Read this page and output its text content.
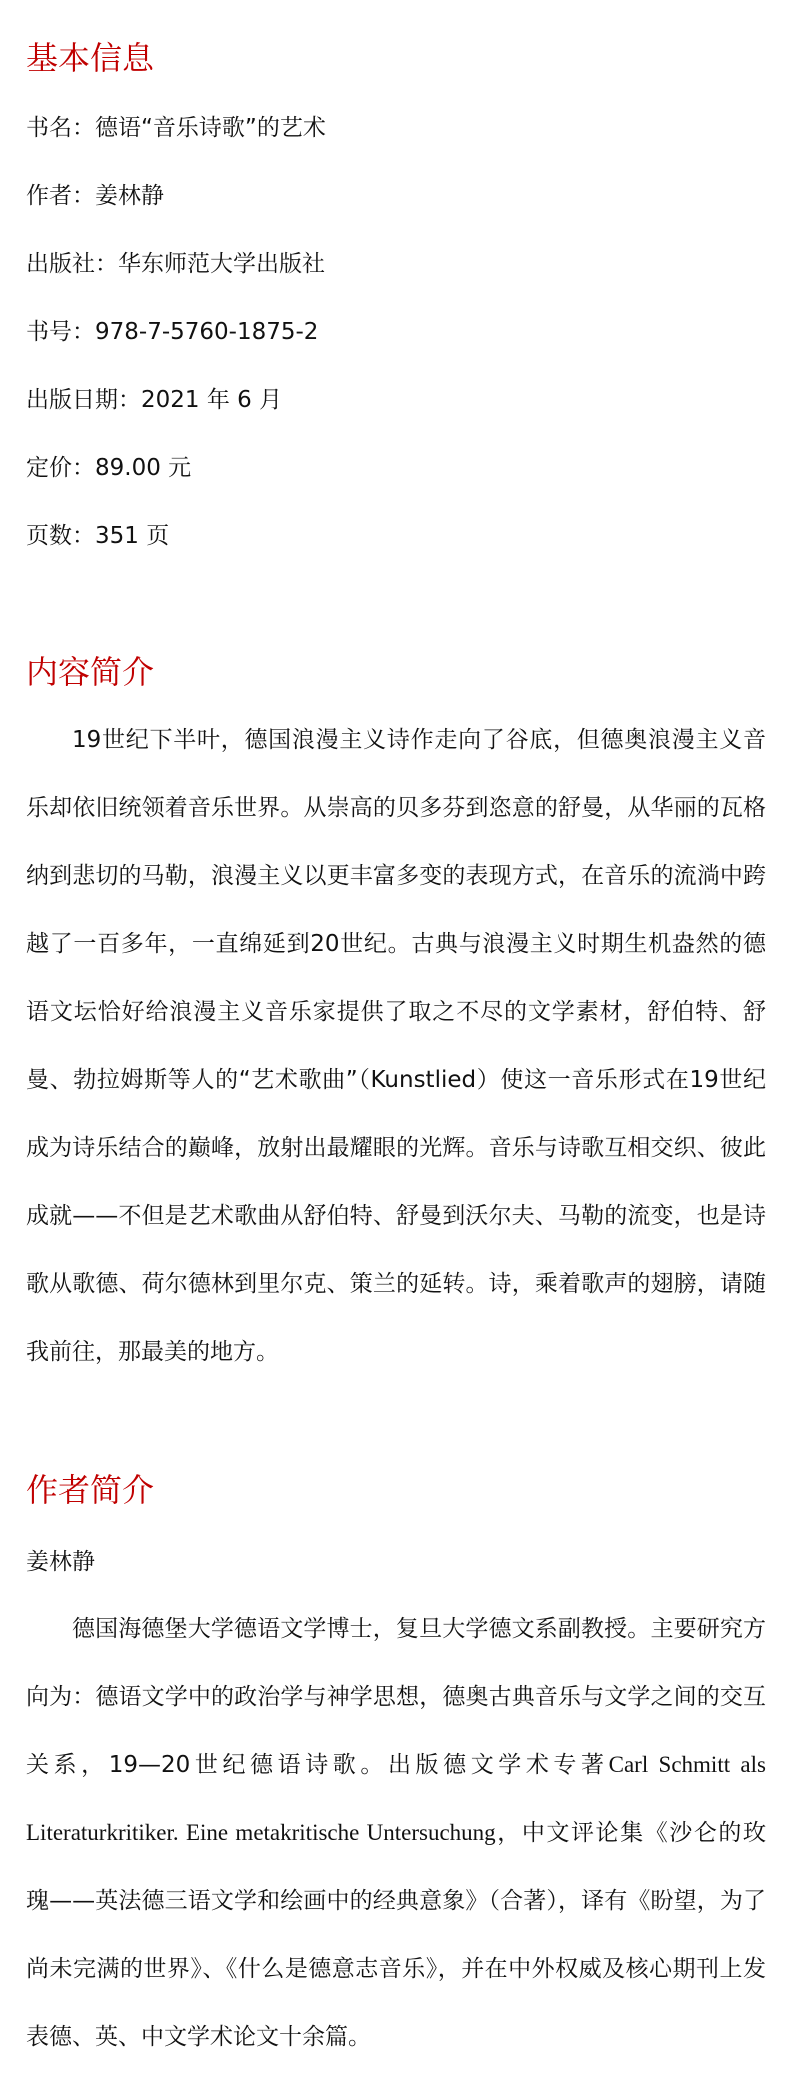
基本信息
书名：德语“音乐诗歌”的艺术
作者：姜林静
出版社：华东师范大学出版社
书号：978-7-5760-1875-2
出版日期：2021 年 6 月
定价：89.00 元
页数：351 页
内容简介

19世纪下半叶，德国浪漫主义诗作走向了谷底，但德奥浪漫主义音乐却依旧统领着音乐世界。从崇高的贝多芬到恣意的舒曼，从华丽的瓦格纳到悲切的马勒，浪漫主义以更丰富多变的表现方式，在音乐的流淌中跨越了一百多年，一直绵延到20世纪。古典与浪漫主义时期生机盎然的德语文坛恰好给浪漫主义音乐家提供了取之不尽的文学素材，舒伯特、舒曼、勃拉姆斯等人的“艺术歌曲”（Kunstlied）使这一音乐形式在19世纪成为诗乐结合的巅峰，放射出最耀眼的光辉。音乐与诗歌互相交织、彼此成就——不但是艺术歌曲从舒伯特、舒曼到沃尔夫、马勒的流变，也是诗歌从歌德、荷尔德林到里尔克、策兰的延转。诗，乘着歌声的翅膀，请随我前往，那最美的地方。

作者简介
姜林静

德国海德堡大学德语文学博士，复旦大学德文系副教授。主要研究方向为：德语文学中的政治学与神学思想，德奥古典音乐与文学之间的交互关系，19—20世纪德语诗歌。出版德文学术专著Carl Schmitt als Literaturkritiker. Eine metakritische Untersuchung，中文评论集《沙仑的玫瑰——英法德三语文学和绘画中的经典意象》（合著），译有《盼望，为了尚未完满的世界》、《什么是德意志音乐》，并在中外权威及核心期刊上发表德、英、中文学术论文十余篇。
